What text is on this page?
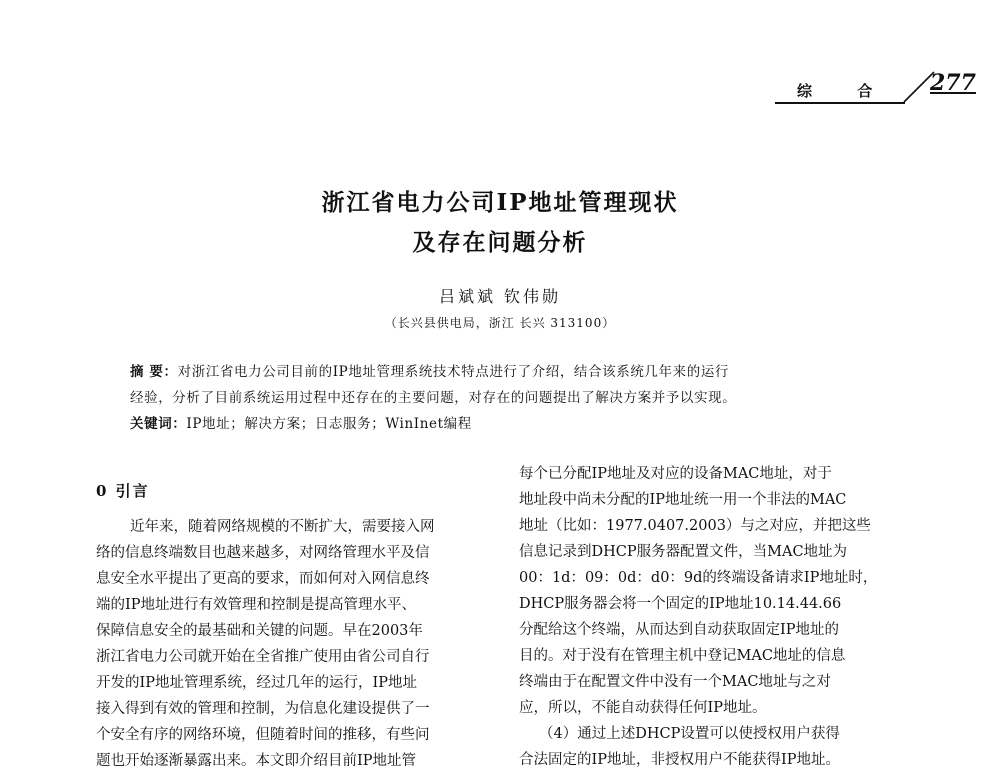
综 合 277
浙江省电力公司IP地址管理现状
及存在问题分析
吕斌斌 钦伟勋
（长兴县供电局，浙江 长兴 313100）
摘 要：对浙江省电力公司目前的IP地址管理系统技术特点进行了介绍，结合该系统几年来的运行
经验，分析了目前系统运用过程中还存在的主要问题，对存在的问题提出了解决方案并予以实现。
关键词：IP地址；解决方案；日志服务；WinInet编程
0 引言
近年来，随着网络规模的不断扩大，需要接入网
络的信息终端数目也越来越多，对网络管理水平及信
息安全水平提出了更高的要求，而如何对入网信息终
端的IP地址进行有效管理和控制是提高管理水平、
保障信息安全的最基础和关键的问题。早在2003年
浙江省电力公司就开始在全省推广使用由省公司自行
开发的IP地址管理系统，经过几年的运行，IP地址
接入得到有效的管理和控制，为信息化建设提供了一
个安全有序的网络环境，但随着时间的推移，有些问
题也开始逐渐暴露出来。本文即介绍目前IP地址管
每个已分配IP地址及对应的设备MAC地址，对于
地址段中尚未分配的IP地址统一用一个非法的MAC
地址（比如：1977.0407.2003）与之对应，并把这些
信息记录到DHCP服务器配置文件，当MAC地址为
00：1d：09：0d：d0：9d的终端设备请求IP地址时，
DHCP服务器会将一个固定的IP地址10.14.44.66
分配给这个终端，从而达到自动获取固定IP地址的
目的。对于没有在管理主机中登记MAC地址的信息
终端由于在配置文件中没有一个MAC地址与之对
应，所以，不能自动获得任何IP地址。
（4）通过上述DHCP设置可以使授权用户获得
合法固定的IP地址，非授权用户不能获得IP地址。
